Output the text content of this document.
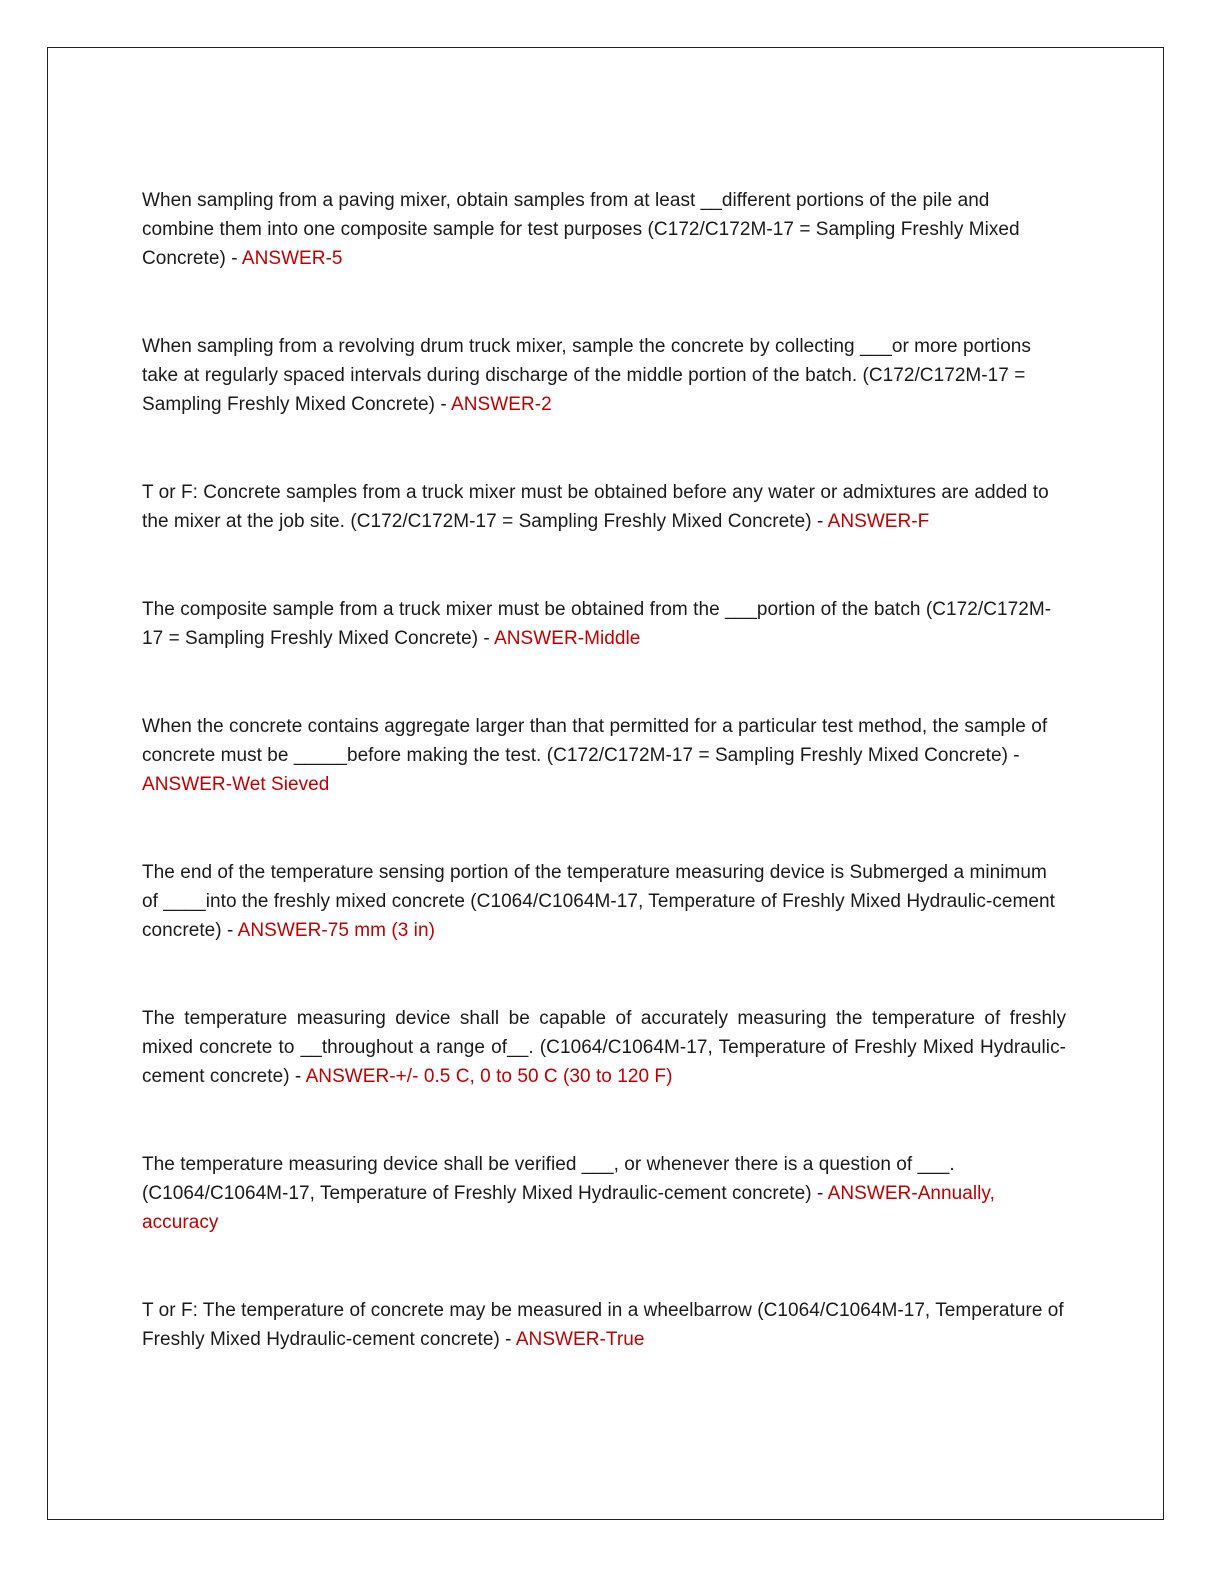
When sampling from a paving mixer, obtain samples from at least __different portions of the pile and combine them into one composite sample for test purposes (C172/C172M-17 = Sampling Freshly Mixed Concrete) - ANSWER-5

When sampling from a revolving drum truck mixer, sample the concrete by collecting ___or more portions take at regularly spaced intervals during discharge of the middle portion of the batch. (C172/C172M-17 = Sampling Freshly Mixed Concrete) - ANSWER-2

T or F: Concrete samples from a truck mixer must be obtained before any water or admixtures are added to the mixer at the job site. (C172/C172M-17 = Sampling Freshly Mixed Concrete) - ANSWER-F

The composite sample from a truck mixer must be obtained from the ___portion of the batch (C172/C172M-17 = Sampling Freshly Mixed Concrete) - ANSWER-Middle

When the concrete contains aggregate larger than that permitted for a particular test method, the sample of concrete must be _____before making the test. (C172/C172M-17 = Sampling Freshly Mixed Concrete) - ANSWER-Wet Sieved

The end of the temperature sensing portion of the temperature measuring device is Submerged a minimum of ____into the freshly mixed concrete (C1064/C1064M-17, Temperature of Freshly Mixed Hydraulic-cement concrete) - ANSWER-75 mm (3 in)

The temperature measuring device shall be capable of accurately measuring the temperature of freshly mixed concrete to __throughout a range of__. (C1064/C1064M-17, Temperature of Freshly Mixed Hydraulic-cement concrete) - ANSWER-+/- 0.5 C, 0 to 50 C (30 to 120 F)

The temperature measuring device shall be verified ___, or whenever there is a question of ___. (C1064/C1064M-17, Temperature of Freshly Mixed Hydraulic-cement concrete) - ANSWER-Annually, accuracy

T or F: The temperature of concrete may be measured in a wheelbarrow (C1064/C1064M-17, Temperature of Freshly Mixed Hydraulic-cement concrete) - ANSWER-True
